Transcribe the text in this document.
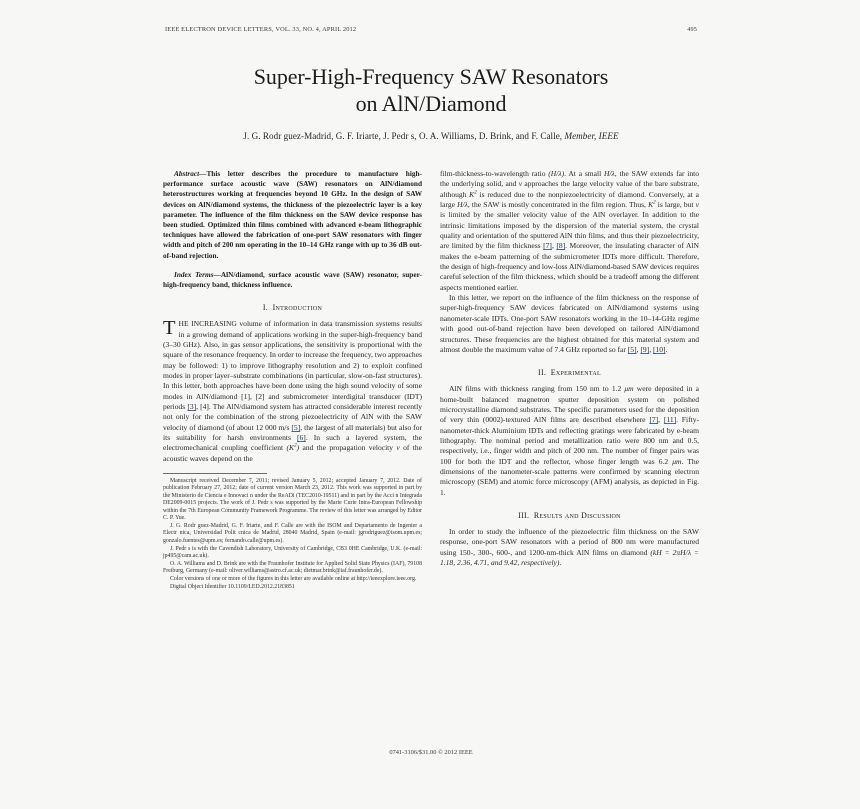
IEEE ELECTRON DEVICE LETTERS, VOL. 33, NO. 4, APRIL 2012	495
Super-High-Frequency SAW Resonators
on AlN/Diamond
J. G. Rodr guez-Madrid, G. F. Iriarte, J. Pedr s, O. A. Williams, D. Brink, and F. Calle, Member, IEEE
Abstract—This letter describes the procedure to manufacture high-performance surface acoustic wave (SAW) resonators on AlN/diamond heterostructures working at frequencies beyond 10 GHz. In the design of SAW devices on AlN/diamond systems, the thickness of the piezoelectric layer is a key parameter. The influence of the film thickness on the SAW device response has been studied. Optimized thin films combined with advanced e-beam lithographic techniques have allowed the fabrication of one-port SAW resonators with finger width and pitch of 200 nm operating in the 10–14 GHz range with up to 36 dB out-of-band rejection.
Index Terms—AlN/diamond, surface acoustic wave (SAW) resonator, super-high-frequency band, thickness influence.
I. Introduction
T HE INCREASING volume of information in data transmission systems results in a growing demand of applications working in the super-high-frequency band (3–30 GHz). Also, in gas sensor applications, the sensitivity is proportional with the square of the resonance frequency. In order to increase the frequency, two approaches may be followed: 1) to improve lithography resolution and 2) to exploit confined modes in proper layer–substrate combinations (in particular, slow-on-fast structures). In this letter, both approaches have been done using the high sound velocity of some modes in AlN/diamond [1], [2] and submicrometer interdigital transducer (IDT) periods [3], [4]. The AlN/diamond system has attracted considerable interest recently not only for the combination of the strong piezoelectricity of AlN with the SAW velocity of diamond (of about 12 000 m/s [5], the largest of all materials) but also for its suitability for harsh environments [6]. In such a layered system, the electromechanical coupling coefficient $(K^2)$ and the propagation velocity v of the acoustic waves depend on the

Manuscript received December 7, 2011; revised January 5, 2012; accepted January 7, 2012. Date of publication February 27, 2012; date of current version March 23, 2012. This work was supported in part by the Ministerio de Ciencia e Innovaci n under the ReADi (TEC2010-19511) and in part by the Acci n Integrada DE2009-0015 projects. The work of J. Pedr s was supported by the Marie Curie Intra-European Fellowship within the 7th European Community Framework Programme. The review of this letter was arranged by Editor C. P. Yue.

J. G. Rodr guez-Madrid, G. F. Iriarte, and F. Calle are with the ISOM and Departamento de Ingenier a Electr nica, Universidad Polit cnica de Madrid, 28040 Madrid, Spain (e-mail: jgrodriguez@isom.upm.es; gonzalo.fuentes@upm.es; fernando.calle@upm.es).

J. Pedr s is with the Cavendish Laboratory, University of Cambridge, CB3 0HE Cambridge, U.K. (e-mail: jp495@cam.ac.uk).

O. A. Williams and D. Brink are with the Fraunhofer Institute for Applied Solid State Physics (IAF), 79108 Freiburg, Germany (e-mail: oliver.williams@astro.cf.ac.uk; dietmar.brink@iaf.fraunhofer.de).

Color versions of one or more of the figures in this letter are available online at http://ieeexplore.ieee.org.

Digital Object Identifier 10.1109/LED.2012.2183851

film-thickness-to-wavelength ratio (H/λ). At a small H/λ, the SAW extends far into the underlying solid, and v approaches the large velocity value of the bare substrate, although $K^2$ is reduced due to the nonpiezoelectricity of diamond. Conversely, at a large H/λ, the SAW is mostly concentrated in the film region. Thus, $K^2$ is large, but v is limited by the smaller velocity value of the AlN overlayer. In addition to the intrinsic limitations imposed by the dispersion of the material system, the crystal quality and orientation of the sputtered AlN thin films, and thus their piezoelectricity, are limited by the film thickness [7], [8]. Moreover, the insulating character of AlN makes the e-beam patterning of the submicrometer IDTs more difficult. Therefore, the design of high-frequency and low-loss AlN/diamond-based SAW devices requires careful selection of the film thickness, which should be a tradeoff among the different aspects mentioned earlier.

In this letter, we report on the influence of the film thickness on the response of super-high-frequency SAW devices fabricated on AlN/diamond systems using nanometer-scale IDTs. One-port SAW resonators working in the 10–14-GHz regime with good out-of-band rejection have been developed on tailored AlN/diamond structures. These frequencies are the highest obtained for this material system and almost double the maximum value of 7.4 GHz reported so far [5], [9], [10].

II. Experimental

AlN films with thickness ranging from 150 nm to 1.2 μm were deposited in a home-built balanced magnetron sputter deposition system on polished microcrystalline diamond substrates. The specific parameters used for the deposition of very thin (0002)-textured AlN films are described elsewhere [7], [11]. Fifty-nanometer-thick Aluminium IDTs and reflecting gratings were fabricated by e-beam lithography. The nominal period and metallization ratio were 800 nm and 0.5, respectively, i.e., finger width and pitch of 200 nm. The number of finger pairs was 100 for both the IDT and the reflector, whose finger length was 6.2 μm. The dimensions of the nanometer-scale patterns were confirmed by scanning electron microscopy (SEM) and atomic force microscopy (AFM) analysis, as depicted in Fig. 1.

III. Results and Discussion

In order to study the influence of the piezoelectric film thickness on the SAW response, one-port SAW resonators with a period of 800 nm were manufactured using 150-, 300-, 600-, and 1200-nm-thick AlN films on diamond (kH = 2πH/λ = 1.18, 2.36, 4.71, and 9.42, respectively).

0741-3106/$31.00 © 2012 IEEE
